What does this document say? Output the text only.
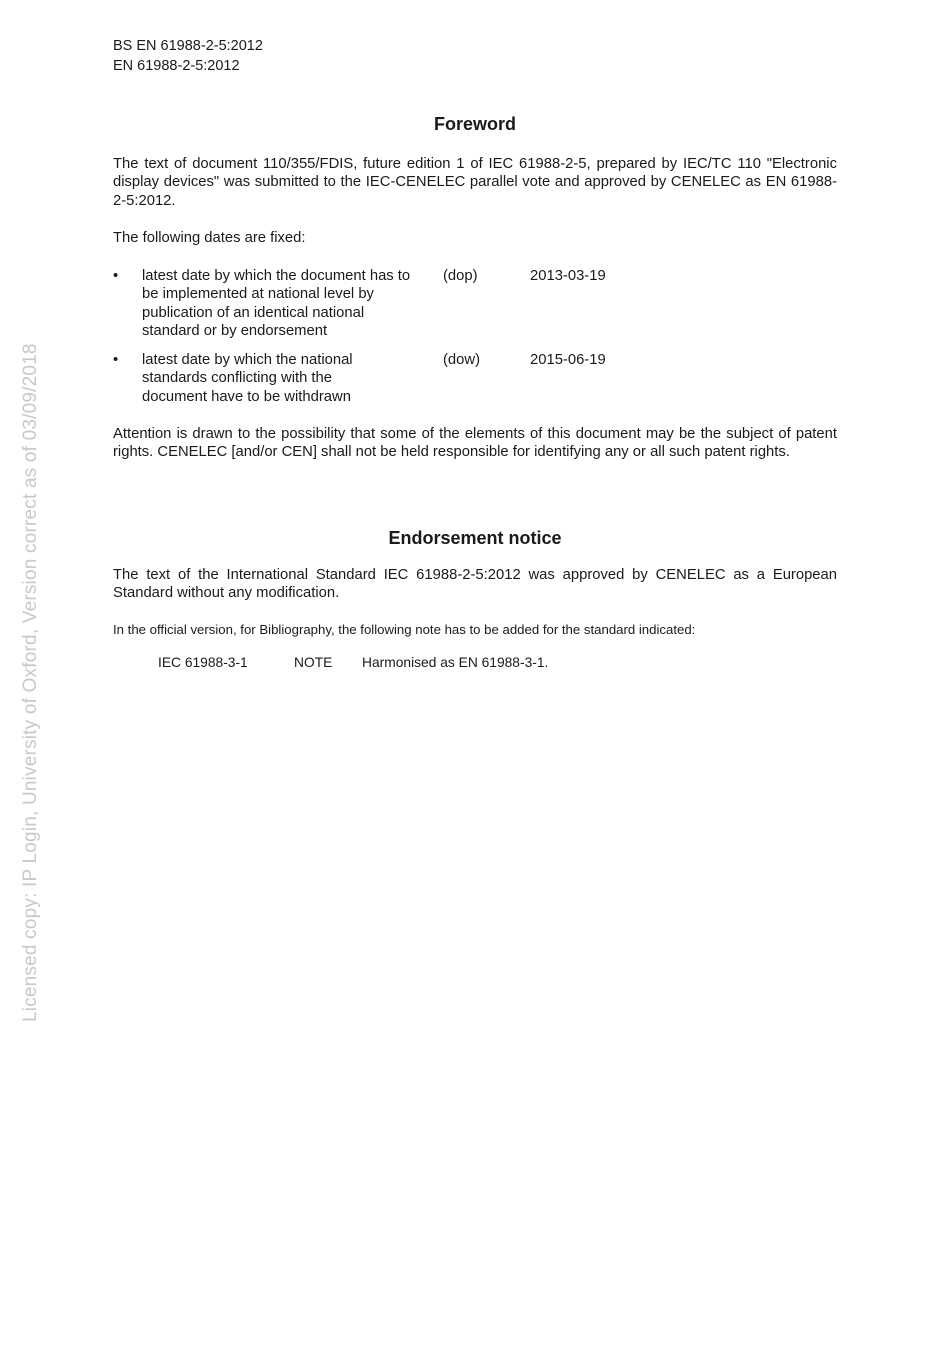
BS EN 61988-2-5:2012
EN 61988-2-5:2012
Foreword

The text of document 110/355/FDIS, future edition 1 of IEC 61988-2-5, prepared by IEC/TC 110 "Electronic display devices" was submitted to the IEC-CENELEC parallel vote and approved by CENELEC as EN 61988-2-5:2012.

The following dates are fixed:

• latest date by which the document has to be implemented at national level by publication of an identical national standard or by endorsement
(dop)	2013-03-19
• latest date by which the national standards conflicting with the document have to be withdrawn
(dow)	2015-06-19

Attention is drawn to the possibility that some of the elements of this document may be the subject of patent rights. CENELEC [and/or CEN] shall not be held responsible for identifying any or all such patent rights.

Endorsement notice

The text of the International Standard IEC 61988-2-5:2012 was approved by CENELEC as a European Standard without any modification.

In the official version, for Bibliography, the following note has to be added for the standard indicated:
IEC 61988-3-1	NOTE Harmonised as EN 61988-3-1.
Licensed copy: IP Login, University of Oxford, Version correct as of 03/09/2018
